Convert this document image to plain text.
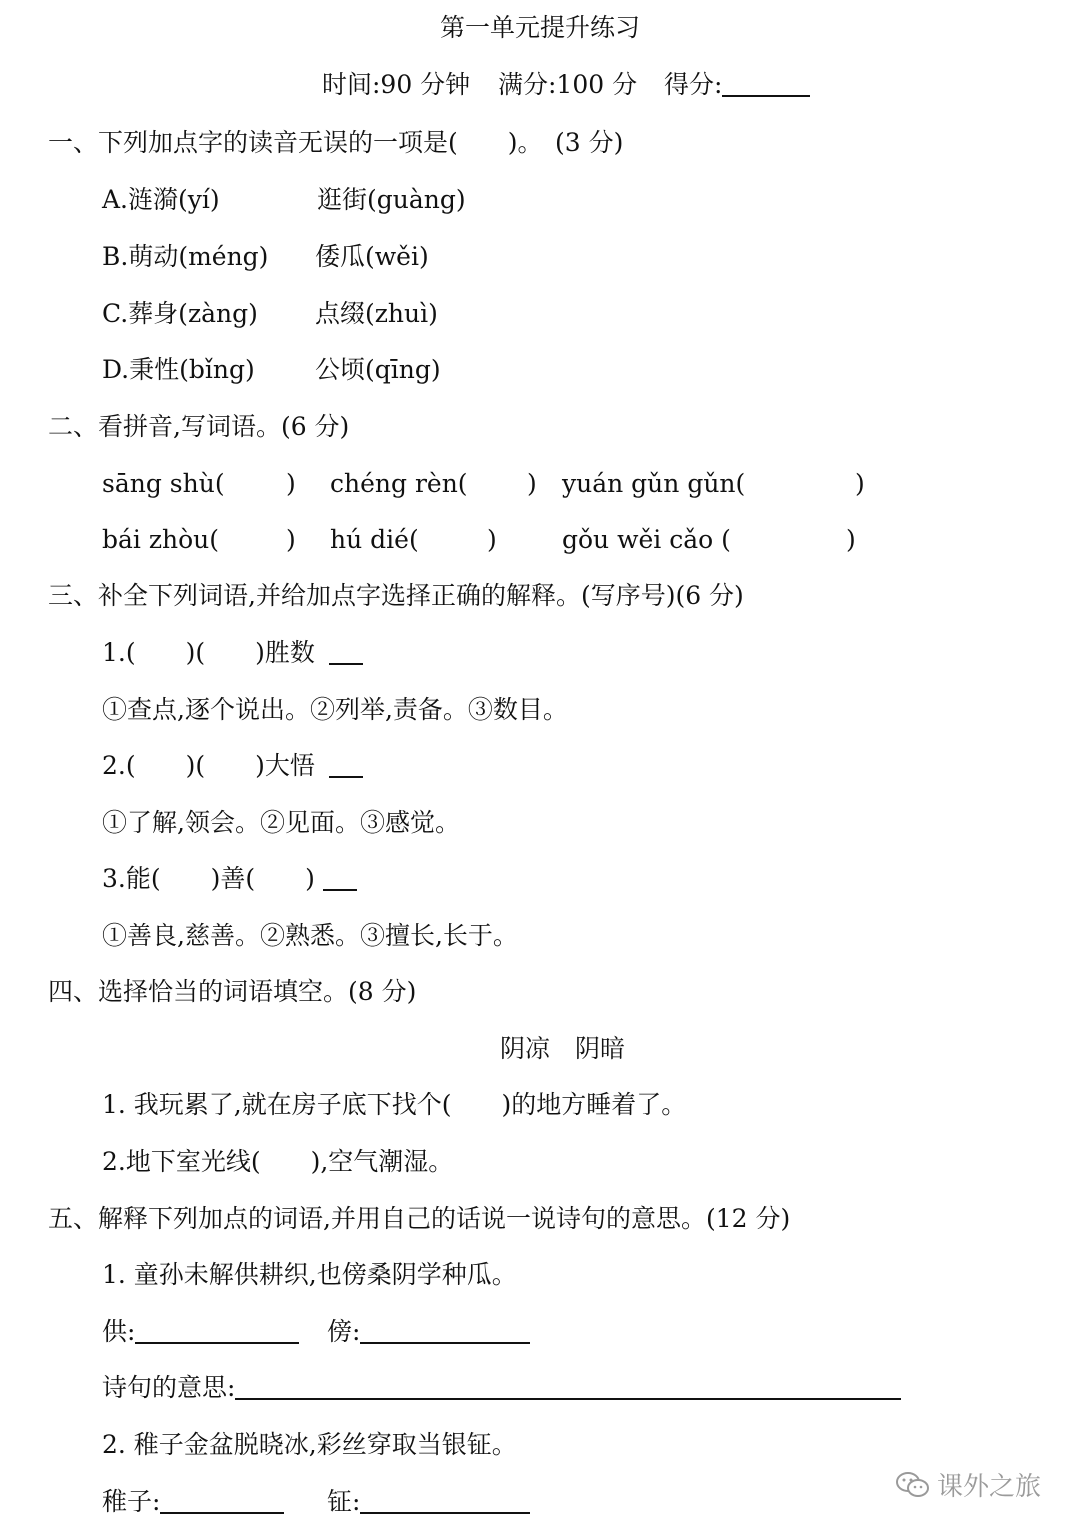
第一单元提升练习
时间:90 分钟 满分:100 分 得分:
一、下列加点字的读音无误的一项是(　　)。　(3 分)
A.涟漪(yí)	逛街(guàng)
B.萌动(méng) 倭瓜(wěi)
C.葬身(zàng) 点缀(zhuì)
D.秉性(bǐng) 公顷(qīng)
二、看拼音,写词语。(6 分)
sāng shù( ) chéng rèn( ) yuán gǔn gǔn(	)
bái zhòu(	) hú dié(	)	gǒu wěi cǎo (	)
三、补全下列词语,并给加点字选择正确的解释。(写序号)(6 分)
1.(　　)(　　)胜数
①查点,逐个说出。②列举,责备。③数目。
2.(　　)(　　)大悟
①了解,领会。②见面。③感觉。
3.能(　　)善(　　)
①善良,慈善。②熟悉。③擅长,长于。
四、选择恰当的词语填空。(8 分)
阴凉　阴暗
1. 我玩累了,就在房子底下找个(　　)的地方睡着了。
2.地下室光线(　　),空气潮湿。
五、解释下列加点的词语,并用自己的话说一说诗句的意思。(12 分)
1. 童孙未解供耕织,也傍桑阴学种瓜。
供:	傍:
诗句的意思:
2. 稚子金盆脱晓冰,彩丝穿取当银钲。
稚子:	钲:	课外之旅
